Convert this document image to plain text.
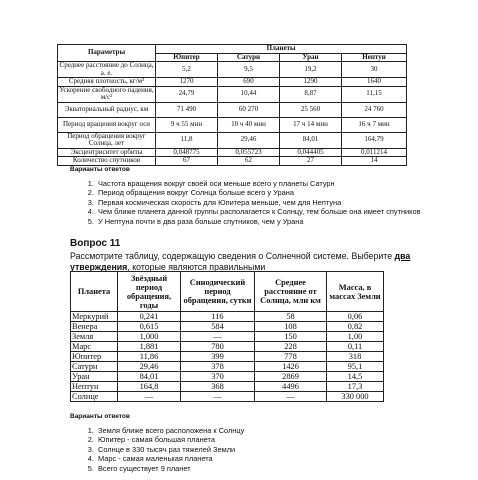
Параметры	Планеты			
	Юпитер	Сатурн	Уран	Нептун
Среднее расстояние до Солнца, а. е.	5,2	9,5	19,2	30
Средняя плотность, кг/м³	1270	690	1290	1640
Ускорение свободного падения, м/с²	24,79	10,44	8,87	11,15
Экваториальный радиус, км	71 490	60 270	25 560	24 760
Период вращения вокруг оси	9 ч 55 мин	10 ч 40 мин	17 ч 14 мин	16 ч 7 мин
Период обращения вокруг Солнца, лет	11,8	29,46	84,01	164,79
Эксцентриситет орбиты	0,048775	0,055723	0,044405	0,011214
Количество спутников	67	62	27	14
Варианты ответов
1. Частота вращения вокруг своей оси меньше всего у планеты Сатурн
2. Период обращения вокруг Солнца больше всего у Урана
3. Первая космическая скорость для Юпитера меньше, чем для Нептуна
4. Чем ближе планета данной группы располагается к Солнцу, тем больше она имеет спутников
5. У Нептуна почти в два раза больше спутников, чем у Урана
Вопрос 11
Рассмотрите таблицу, содержащую сведения о Солнечной системе. Выберите два утверждения, которые являются правильными
Планета	Звёздный период обращения, годы	Синодический период обращения, сутки	Среднее расстояние от Солнца, млн км	Масса, в массах Земли
Меркурий	0,241	116	58	0,06
Венера	0,615	584	108	0,82
Земля	1,000	—	150	1,00
Марс	1,881	780	228	0,11
Юпитер	11,86	399	778	318
Сатурн	29,46	378	1426	95,1
Уран	84,01	370	2869	14,5
Нептун	164,8	368	4496	17,3
Солнце	—	—	—	330 000
Варианты ответов
1. Земля ближе всего расположена к Солнцу
2. Юпитер - самая большая планета
3. Солнце в 330 тысяч раз тяжелей Земли
4. Марс - самая маленькая планета
5. Всего существует 9 планет
